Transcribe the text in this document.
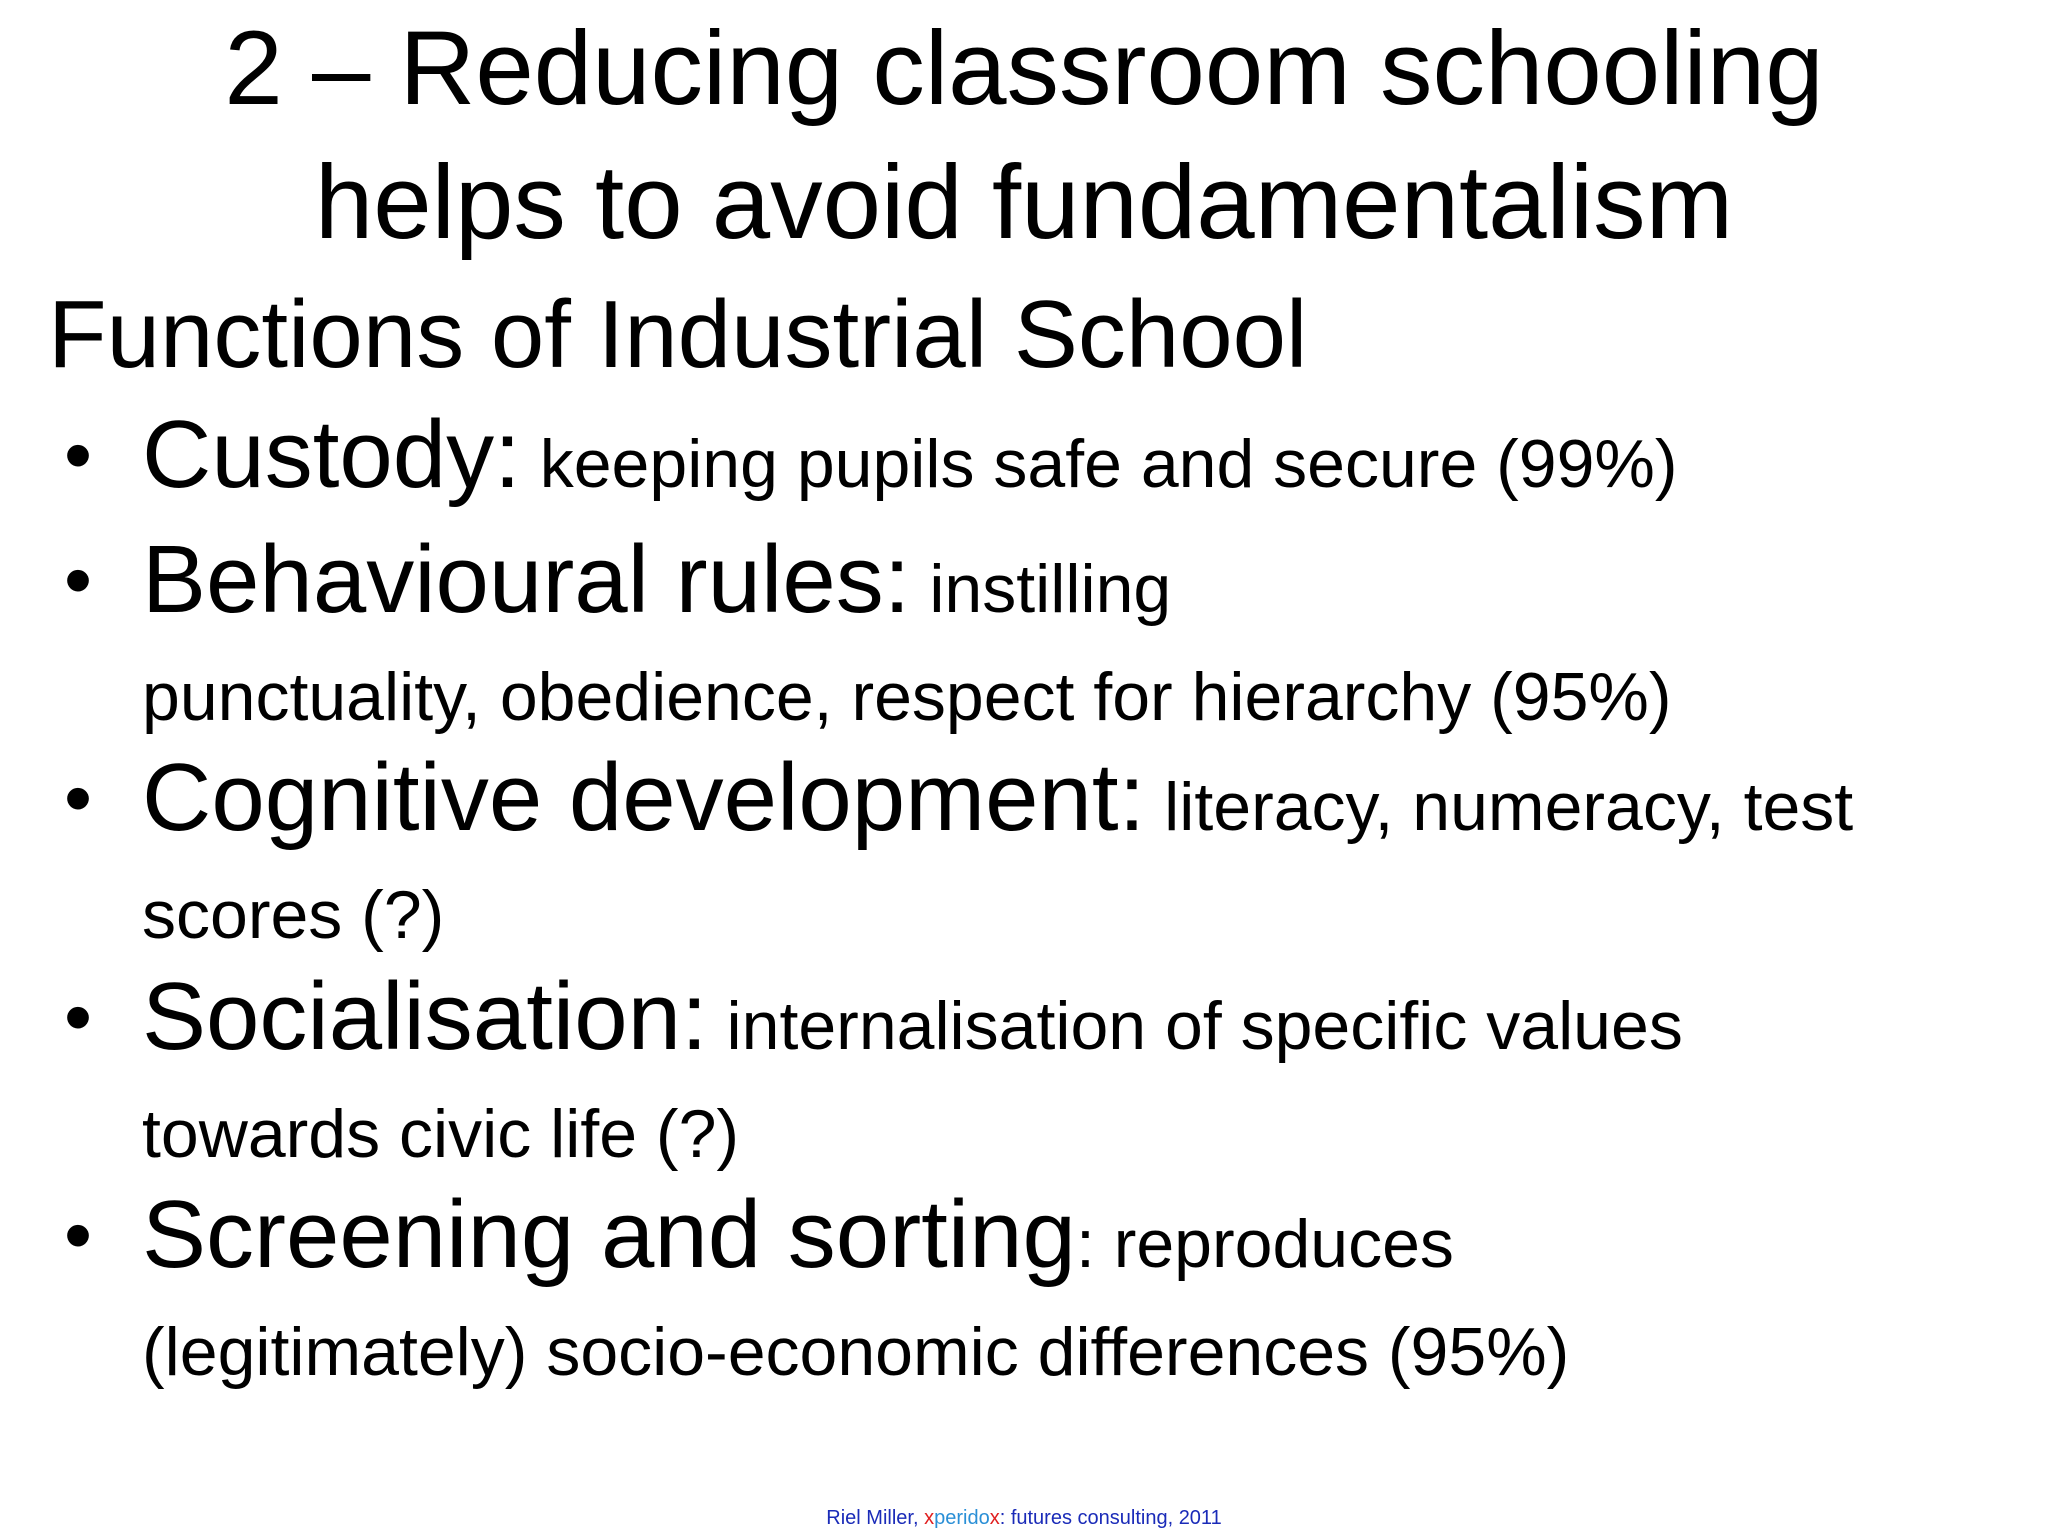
2 – Reducing classroom schooling
helps to avoid fundamentalism
Functions of Industrial School
• Custody: keeping pupils safe and secure (99%)
• Behavioural rules: instilling
punctuality, obedience, respect for hierarchy (95%)
• Cognitive development: literacy, numeracy, test
scores (?)
• Socialisation: internalisation of specific values
towards civic life (?)
• Screening and sorting: reproduces
(legitimately) socio-economic differences (95%)
Riel Miller, xperidox: futures consulting, 2011
